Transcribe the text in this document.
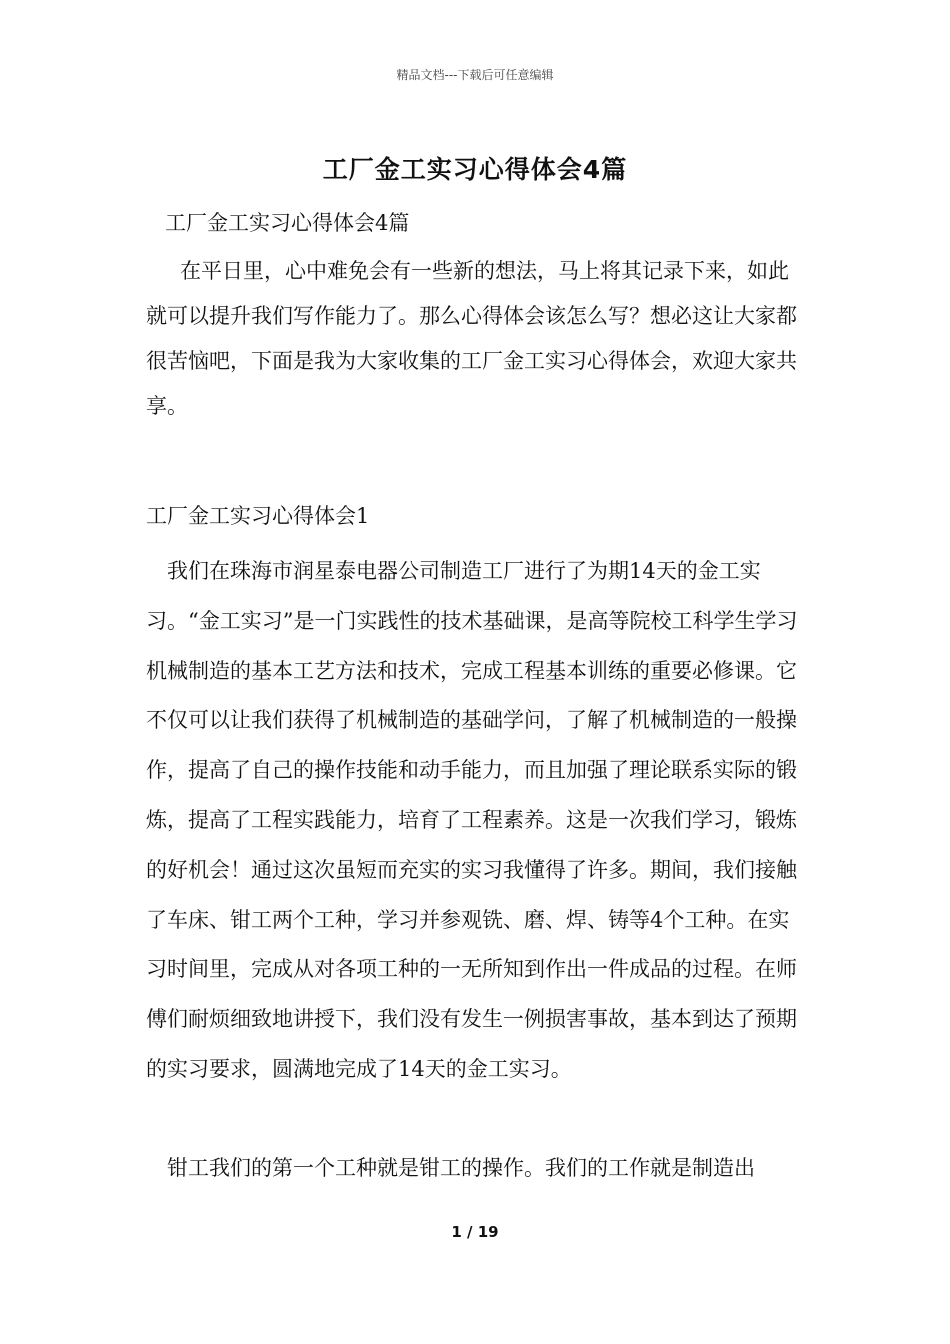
精品文档---下载后可任意编辑
工厂金工实习心得体会4篇
工厂金工实习心得体会4篇

在平日里，心中难免会有一些新的想法，马上将其记录下来，如此就可以提升我们写作能力了。那么心得体会该怎么写？想必这让大家都很苦恼吧，下面是我为大家收集的工厂金工实习心得体会，欢迎大家共享。

工厂金工实习心得体会1

我们在珠海市润星泰电器公司制造工厂进行了为期14天的金工实习。“金工实习”是一门实践性的技术基础课，是高等院校工科学生学习机械制造的基本工艺方法和技术，完成工程基本训练的重要必修课。它不仅可以让我们获得了机械制造的基础学问，了解了机械制造的一般操作，提高了自己的操作技能和动手能力，而且加强了理论联系实际的锻炼，提高了工程实践能力，培育了工程素养。这是一次我们学习，锻炼的好机会！通过这次虽短而充实的实习我懂得了许多。期间，我们接触了车床、钳工两个工种，学习并参观铣、磨、焊、铸等4个工种。在实习时间里，完成从对各项工种的一无所知到作出一件成品的过程。在师傅们耐烦细致地讲授下，我们没有发生一例损害事故，基本到达了预期的实习要求，圆满地完成了14天的金工实习。

钳工我们的第一个工种就是钳工的操作。我们的工作就是制造出

1 / 19
